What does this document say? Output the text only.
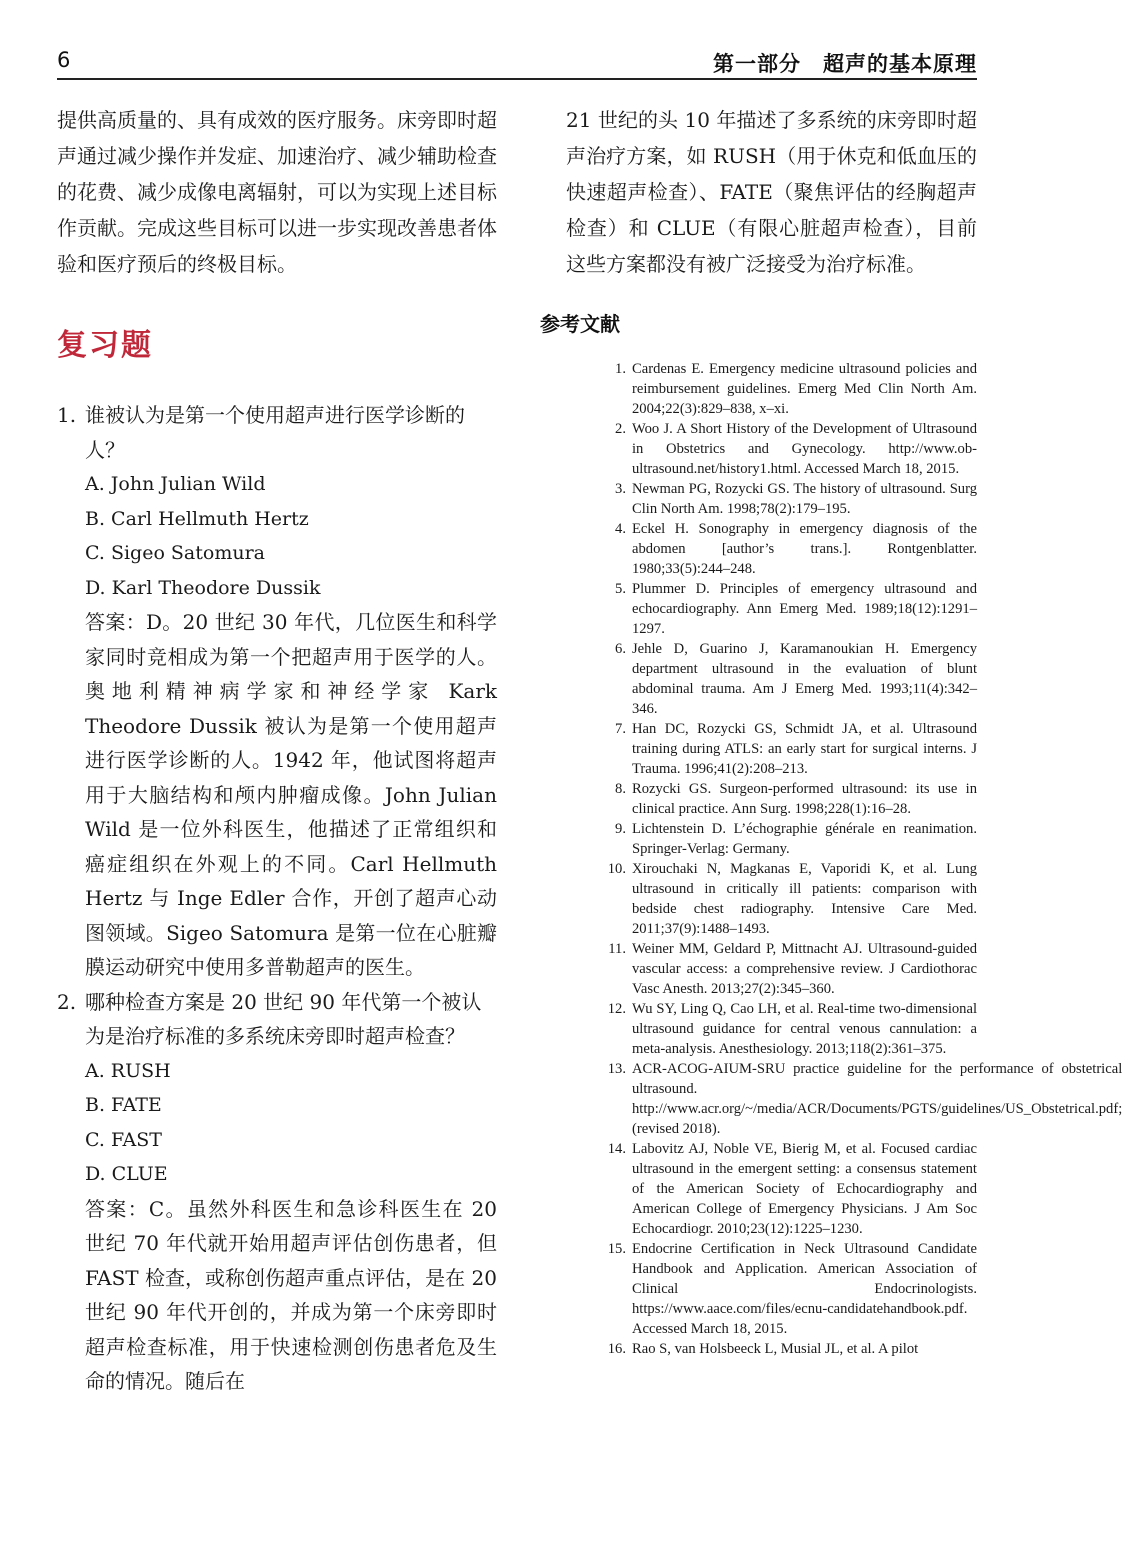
6	第一部分　超声的基本原理

提供高质量的、具有成效的医疗服务。床旁即时超声通过减少操作并发症、加速治疗、减少辅助检查的花费、减少成像电离辐射，可以为实现上述目标作贡献。完成这些目标可以进一步实现改善患者体验和医疗预后的终极目标。

复习题
1. 谁被认为是第一个使用超声进行医学诊断的人？
A. John Julian Wild
B. Carl Hellmuth Hertz
C. Sigeo Satomura
D. Karl Theodore Dussik
答案：D。20 世纪 30 年代，几位医生和科学家同时竞相成为第一个把超声用于医学的人。奥地利精神病学家和神经学家 Kark Theodore Dussik 被认为是第一个使用超声进行医学诊断的人。1942 年，他试图将超声用于大脑结构和颅内肿瘤成像。John Julian Wild 是一位外科医生，他描述了正常组织和癌症组织在外观上的不同。Carl Hellmuth Hertz 与 Inge Edler 合作，开创了超声心动图领域。Sigeo Satomura 是第一位在心脏瓣膜运动研究中使用多普勒超声的医生。
2. 哪种检查方案是 20 世纪 90 年代第一个被认为是治疗标准的多系统床旁即时超声检查？
A. RUSH
B. FATE
C. FAST
D. CLUE
答案：C。虽然外科医生和急诊科医生在 20 世纪 70 年代就开始用超声评估创伤患者，但 FAST 检查，或称创伤超声重点评估，是在 20 世纪 90 年代开创的，并成为第一个床旁即时超声检查标准，用于快速检测创伤患者危及生命的情况。随后在

21 世纪的头 10 年描述了多系统的床旁即时超声治疗方案，如 RUSH（用于休克和低血压的快速超声检查）、FATE（聚焦评估的经胸超声检查）和 CLUE（有限心脏超声检查），目前这些方案都没有被广泛接受为治疗标准。

参考文献
1. Cardenas E. Emergency medicine ultrasound policies and reimbursement guidelines. Emerg Med Clin North Am. 2004;22(3):829–838, x–xi.
2. Woo J. A Short History of the Development of Ultrasound in Obstetrics and Gynecology. http://www.ob-ultrasound.net/history1.html. Accessed March 18, 2015.
3. Newman PG, Rozycki GS. The history of ultrasound. Surg Clin North Am. 1998;78(2):179–195.
4. Eckel H. Sonography in emergency diagnosis of the abdomen [author’s trans.]. Rontgenblatter. 1980;33(5):244–248.
5. Plummer D. Principles of emergency ultrasound and echocardiography. Ann Emerg Med. 1989;18(12):1291–1297.
6. Jehle D, Guarino J, Karamanoukian H. Emergency department ultrasound in the evaluation of blunt abdominal trauma. Am J Emerg Med. 1993;11(4):342–346.
7. Han DC, Rozycki GS, Schmidt JA, et al. Ultrasound training during ATLS: an early start for surgical interns. J Trauma. 1996;41(2):208–213.
8. Rozycki GS. Surgeon-performed ultrasound: its use in clinical practice. Ann Surg. 1998;228(1):16–28.
9. Lichtenstein D. L’échographie générale en reanimation. Springer-Verlag: Germany.
10. Xirouchaki N, Magkanas E, Vaporidi K, et al. Lung ultrasound in critically ill patients: comparison with bedside chest radiography. Intensive Care Med. 2011;37(9):1488–1493.
11. Weiner MM, Geldard P, Mittnacht AJ. Ultrasound-guided vascular access: a comprehensive review. J Cardiothorac Vasc Anesth. 2013;27(2):345–360.
12. Wu SY, Ling Q, Cao LH, et al. Real-time two-dimensional ultrasound guidance for central venous cannulation: a meta-analysis. Anesthesiology. 2013;118(2):361–375.
13. ACR-ACOG-AIUM-SRU practice guideline for the performance of obstetrical ultrasound. http://www.acr.org/~/media/ACR/Documents/PGTS/guidelines/US_Obstetrical.pdf; (revised 2018).
14. Labovitz AJ, Noble VE, Bierig M, et al. Focused cardiac ultrasound in the emergent setting: a consensus statement of the American Society of Echocardiography and American College of Emergency Physicians. J Am Soc Echocardiogr. 2010;23(12):1225–1230.
15. Endocrine Certification in Neck Ultrasound Candidate Handbook and Application. American Association of Clinical Endocrinologists. https://www.aace.com/files/ecnu-candidatehandbook.pdf. Accessed March 18, 2015.
16. Rao S, van Holsbeeck L, Musial JL, et al. A pilot
